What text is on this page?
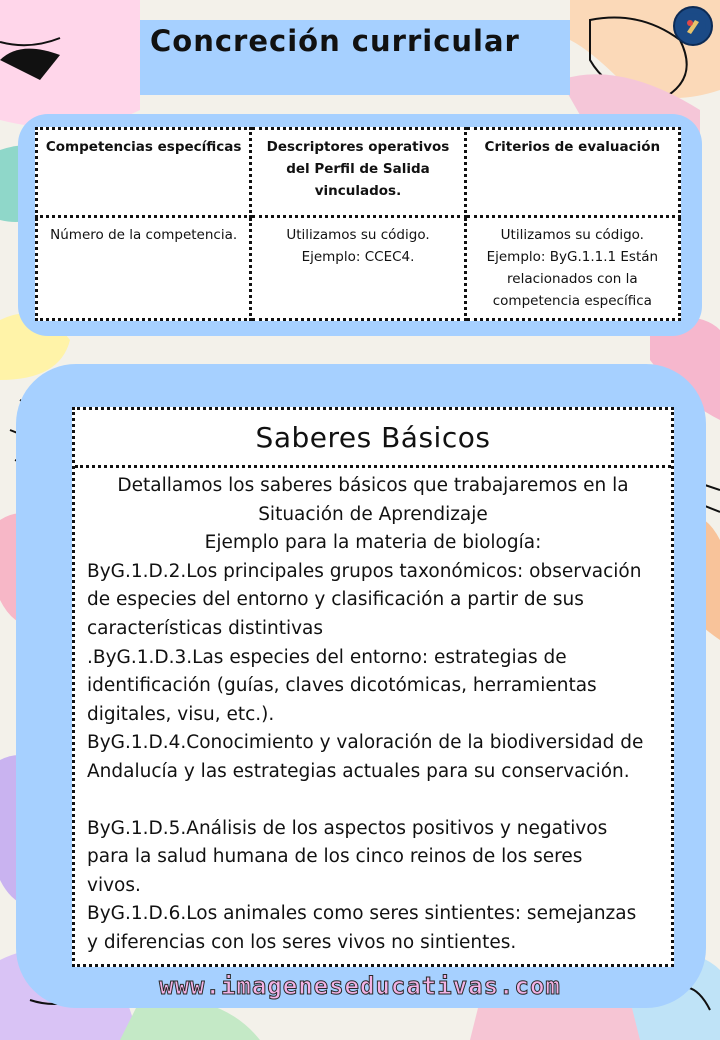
Concreción curricular
Competencias específicas	Descriptores operativos del Perfil de Salida vinculados.	Criterios de evaluación
Número de la competencia.	Utilizamos su código. Ejemplo: CCEC4.	Utilizamos su código. Ejemplo: ByG.1.1.1 Están relacionados con la competencia específica
Saberes Básicos
Detallamos los saberes básicos que trabajaremos en la
Situación de Aprendizaje
Ejemplo para la materia de biología:
ByG.1.D.2.Los principales grupos taxonómicos: observación
de especies del entorno y clasificación a partir de sus
características distintivas
.ByG.1.D.3.Las especies del entorno: estrategias de
identificación (guías, claves dicotómicas, herramientas
digitales, visu, etc.).
ByG.1.D.4.Conocimiento y valoración de la biodiversidad de
Andalucía y las estrategias actuales para su conservación.
ByG.1.D.5.Análisis de los aspectos positivos y negativos
para la salud humana de los cinco reinos de los seres
vivos.
ByG.1.D.6.Los animales como seres sintientes: semejanzas
y diferencias con los seres vivos no sintientes.
www.imageneseducativas.com
